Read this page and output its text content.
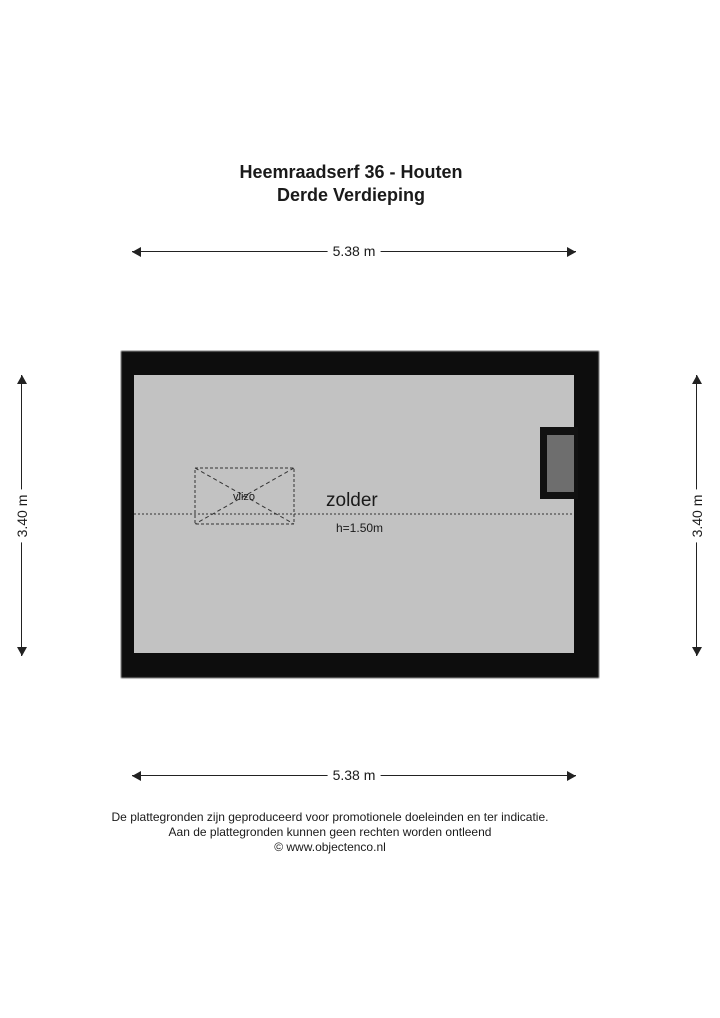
Heemraadserf 36 - Houten
Derde Verdieping
5.38 m
3.40 m	3.40 m
vlizo	zolder
h=1.50m
5.38 m
De plattegronden zijn geproduceerd voor promotionele doeleinden en ter indicatie.
Aan de plattegronden kunnen geen rechten worden ontleend
© www.objectenco.nl
